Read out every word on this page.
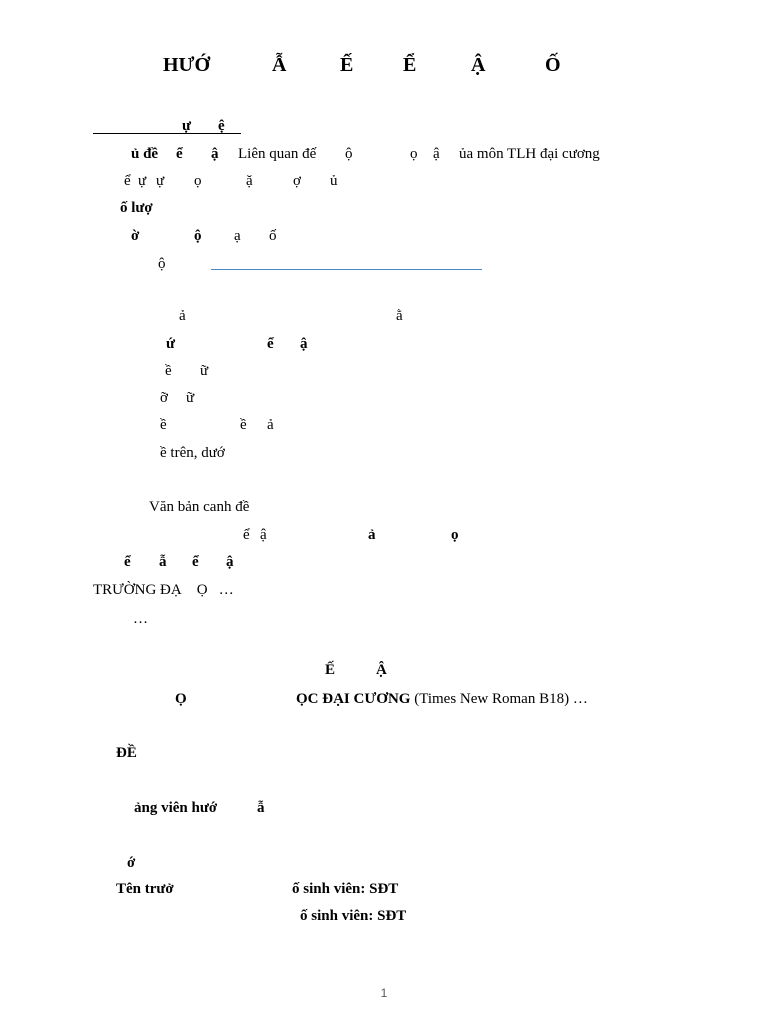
HƯỚ	Ẫ	Ế Ể	Ậ	Ố
ự ệ
ủ đề ể ậ Liên quan đế ộ	ọ ậ ủa môn TLH đại cương
ể ự ự ọ	ặ	ợ ủ
ố lượ
ờ	ộ ạ ố
ộ
ả	ằ
ứ	ể ậ
ề ữ
ỡ ữ
ề	ề ả
ề trên, dướ
Văn bản canh đề
ể ậ	ả	ọ
ể ẫ ể ậ
TRƯỜNG ĐẠ    Ọ   …
…
Ế	Ậ
Ọ	ỌC ĐẠI CƯƠNG (Times New Roman B18) …
ĐỀ
ảng viên hướ	ẫ
ớ
Tên trưở	ố sinh viên: SĐT
ố sinh viên: SĐT
1
